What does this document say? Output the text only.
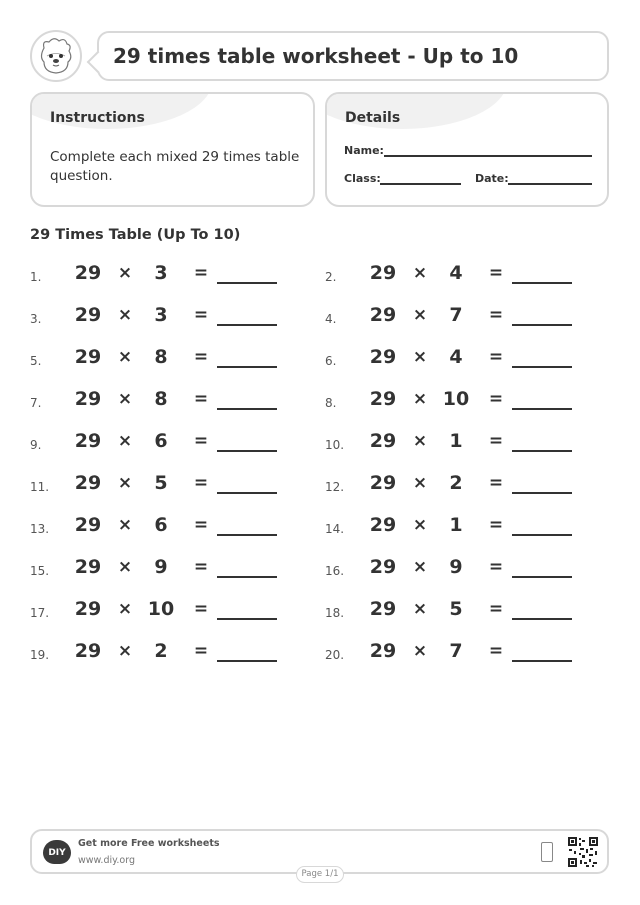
29 times table worksheet - Up to 10
Instructions
Complete each mixed 29 times table question.
Details
Name:
Class:	Date:
29 Times Table (Up To 10)
1. 29 ×	3	=	2. 29 ×	4	=
3. 29 ×	3	=	4. 29 ×	7	=
5. 29 ×	8	=	6. 29 ×	4	=
7. 29 ×	8	=	8. 29 × 10 =
9. 29 ×	6	=	10. 29 ×	1	=
11. 29 ×	5	=	12. 29 ×	2	=
13. 29 ×	6	=	14. 29 ×	1	=
15. 29 ×	9	=	16. 29 ×	9	=
17. 29 × 10 =	18. 29 ×	5	=
19. 29 ×	2	=	20. 29 ×	7	=
DIY
Get more Free worksheets
www.diy.org
Page 1/1
